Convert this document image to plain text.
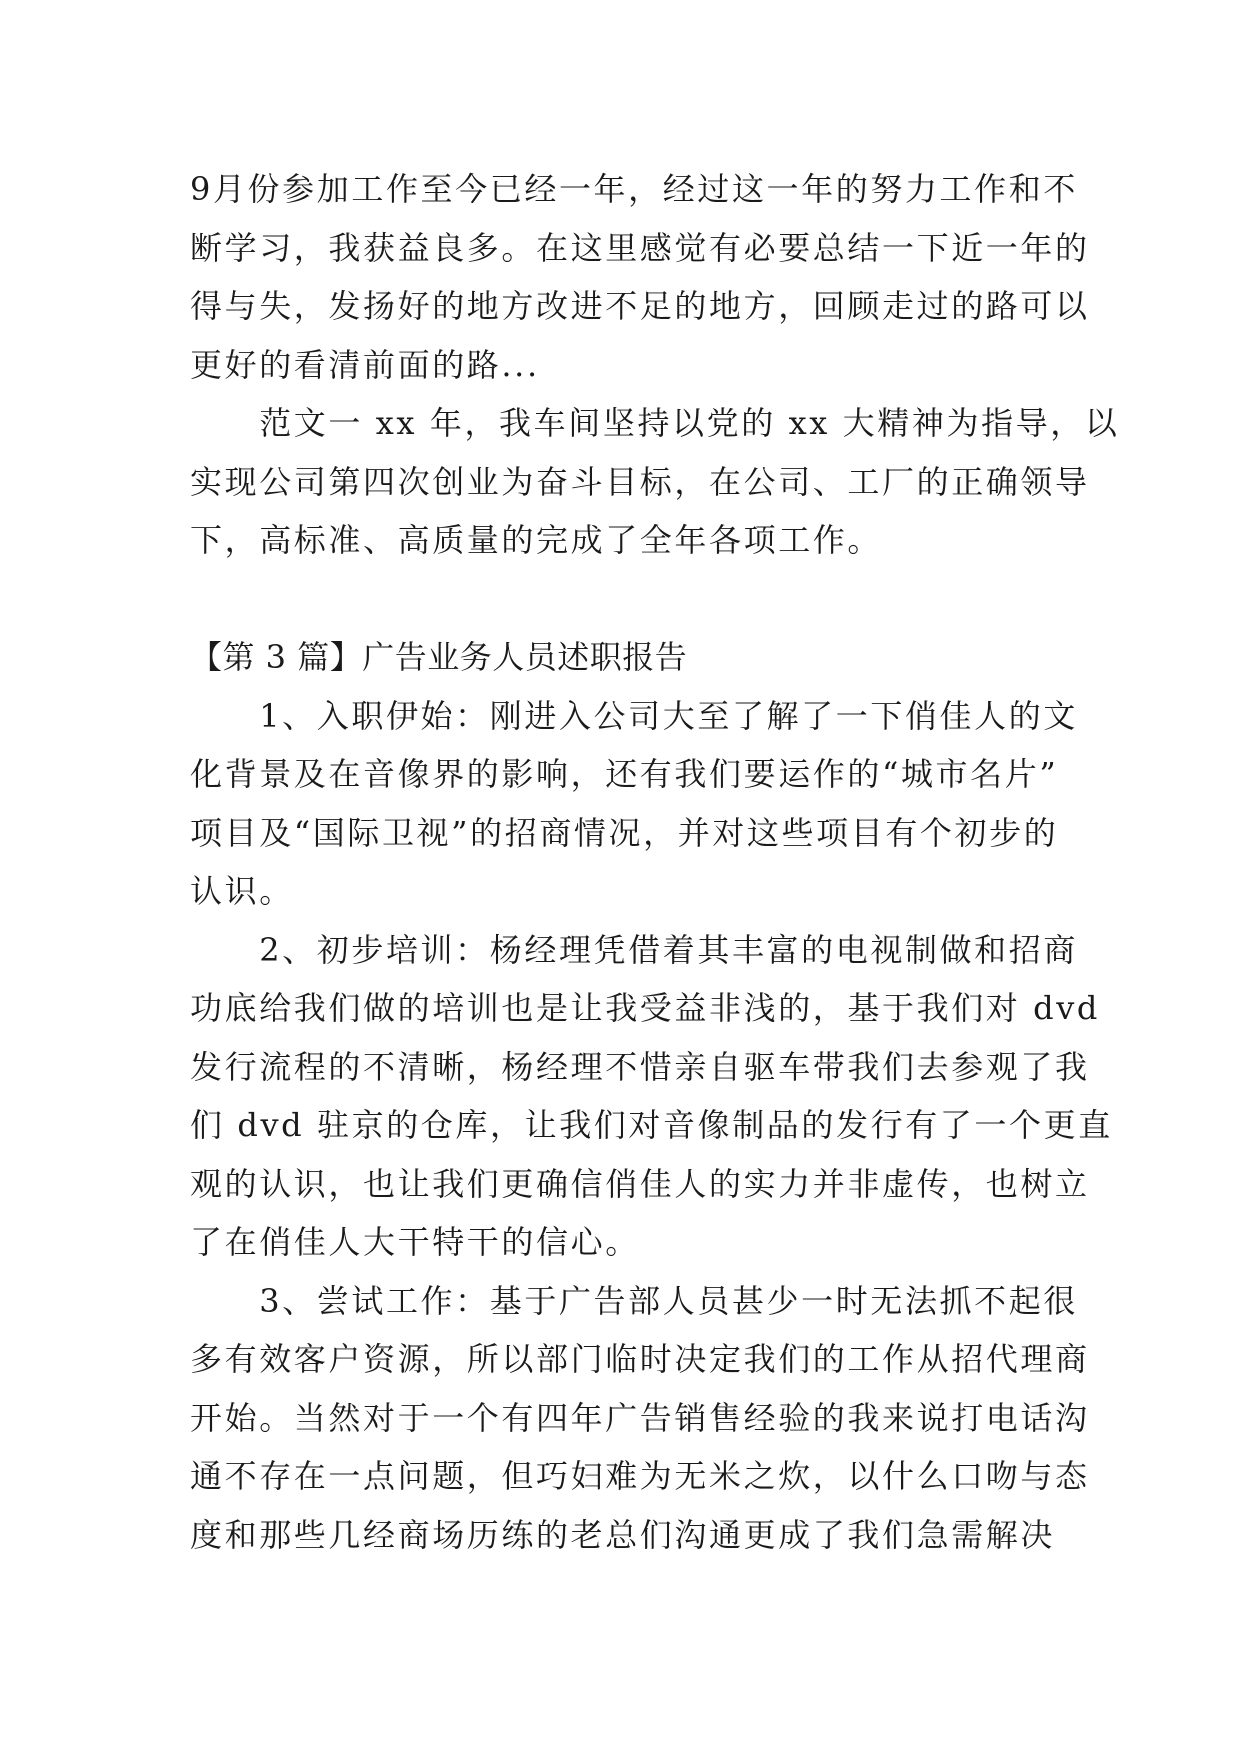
9月份参加工作至今已经一年，经过这一年的努力工作和不
断学习，我获益良多。在这里感觉有必要总结一下近一年的
得与失，发扬好的地方改进不足的地方，回顾走过的路可以
更好的看清前面的路...
　　范文一 xx 年，我车间坚持以党的 xx 大精神为指导，以
实现公司第四次创业为奋斗目标，在公司、工厂的正确领导
下，高标准、高质量的完成了全年各项工作。
【第 3 篇】广告业务人员述职报告
　　1、入职伊始：刚进入公司大至了解了一下俏佳人的文
化背景及在音像界的影响，还有我们要运作的“城市名片”
项目及“国际卫视”的招商情况，并对这些项目有个初步的
认识。
　　2、初步培训：杨经理凭借着其丰富的电视制做和招商
功底给我们做的培训也是让我受益非浅的，基于我们对 dvd
发行流程的不清晰，杨经理不惜亲自驱车带我们去参观了我
们 dvd 驻京的仓库，让我们对音像制品的发行有了一个更直
观的认识，也让我们更确信俏佳人的实力并非虚传，也树立
了在俏佳人大干特干的信心。
　　3、尝试工作：基于广告部人员甚少一时无法抓不起很
多有效客户资源，所以部门临时决定我们的工作从招代理商
开始。当然对于一个有四年广告销售经验的我来说打电话沟
通不存在一点问题，但巧妇难为无米之炊，以什么口吻与态
度和那些几经商场历练的老总们沟通更成了我们急需解决
